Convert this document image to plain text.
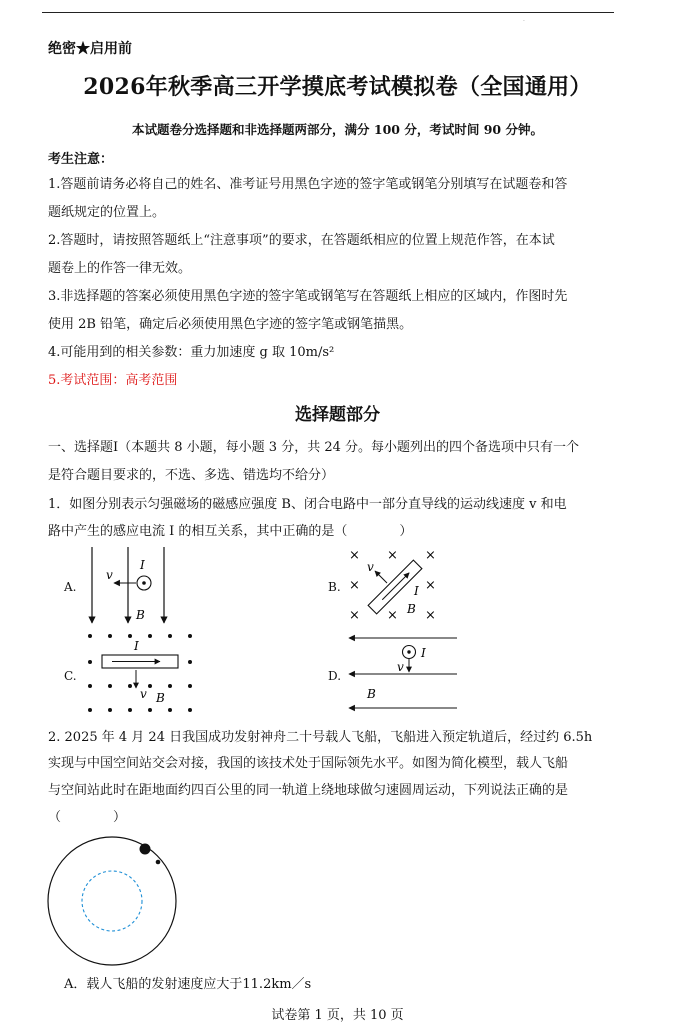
·
绝密★启用前
2026年秋季高三开学摸底考试模拟卷（全国通用）
本试题卷分选择题和非选择题两部分，满分 100 分，考试时间 90 分钟。
考生注意：
1.答题前请务必将自己的姓名、准考证号用黑色字迹的签字笔或钢笔分别填写在试题卷和答
题纸规定的位置上。
2.答题时，请按照答题纸上“注意事项”的要求，在答题纸相应的位置上规范作答，在本试
题卷上的作答一律无效。
3.非选择题的答案必须使用黑色字迹的签字笔或钢笔写在答题纸上相应的区域内，作图时先
使用 2B 铅笔，确定后必须使用黑色字迹的签字笔或钢笔描黑。
4.可能用到的相关参数：重力加速度 g 取 10m/s²
5.考试范围：高考范围
选择题部分
一、选择题Ⅰ（本题共 8 小题，每小题 3 分，共 24 分。每小题列出的四个备选项中只有一个
是符合题目要求的，不选、多选、错选均不给分）
1．如图分别表示匀强磁场的磁感应强度 B、闭合电路中一部分直导线的运动线速度 v 和电
路中产生的感应电流 I 的相互关系，其中正确的是（　　　　）
A.	B.
C.	D.
v
I
B
× × ×
×	×
× × ×
v
I
B
I
v B
I
v
B
2. 2025 年 4 月 24 日我国成功发射神舟二十号载人飞船，飞船进入预定轨道后，经过约 6.5h
实现与中国空间站交会对接，我国的该技术处于国际领先水平。如图为简化模型，载人飞船
与空间站此时在距地面约四百公里的同一轨道上绕地球做匀速圆周运动，下列说法正确的是
（　　　　）
A．载人飞船的发射速度应大于11.2km／s
试卷第 1 页，共 10 页
